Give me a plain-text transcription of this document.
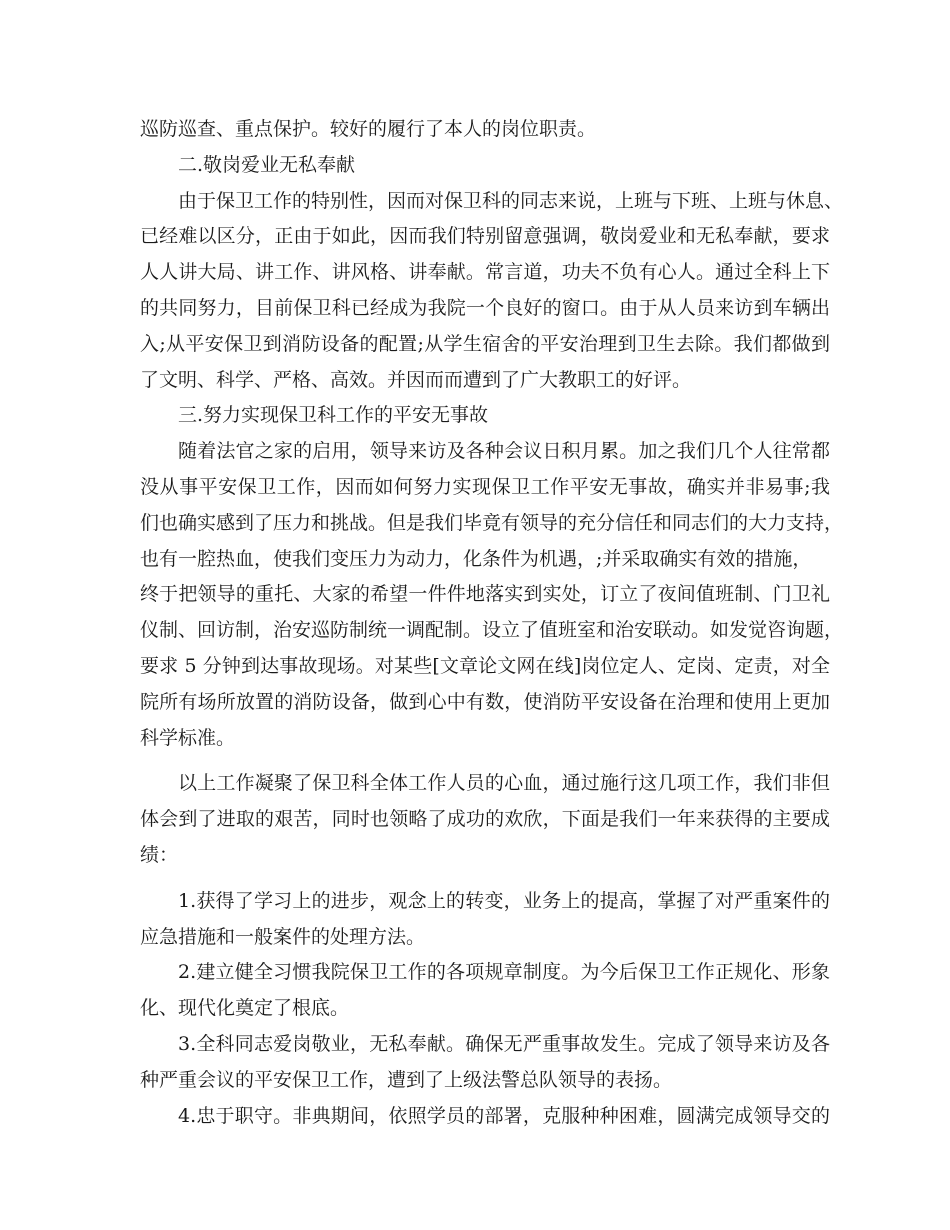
巡防巡查、重点保护。较好的履行了本人的岗位职责。
二.敬岗爱业无私奉献
由于保卫工作的特别性，因而对保卫科的同志来说，上班与下班、上班与休息、
已经难以区分，正由于如此，因而我们特别留意强调，敬岗爱业和无私奉献，要求
人人讲大局、讲工作、讲风格、讲奉献。常言道，功夫不负有心人。通过全科上下
的共同努力，目前保卫科已经成为我院一个良好的窗口。由于从人员来访到车辆出
入;从平安保卫到消防设备的配置;从学生宿舍的平安治理到卫生去除。我们都做到
了文明、科学、严格、高效。并因而而遭到了广大教职工的好评。
三.努力实现保卫科工作的平安无事故
随着法官之家的启用，领导来访及各种会议日积月累。加之我们几个人往常都
没从事平安保卫工作，因而如何努力实现保卫工作平安无事故，确实并非易事;我
们也确实感到了压力和挑战。但是我们毕竟有领导的充分信任和同志们的大力支持，
也有一腔热血，使我们变压力为动力，化条件为机遇，;并采取确实有效的措施，
终于把领导的重托、大家的希望一件件地落实到实处，订立了夜间值班制、门卫礼
仪制、回访制，治安巡防制统一调配制。设立了值班室和治安联动。如发觉咨询题，
要求 5 分钟到达事故现场。对某些[文章论文网在线]岗位定人、定岗、定责，对全
院所有场所放置的消防设备，做到心中有数，使消防平安设备在治理和使用上更加
科学标准。
以上工作凝聚了保卫科全体工作人员的心血，通过施行这几项工作，我们非但
体会到了进取的艰苦，同时也领略了成功的欢欣，下面是我们一年来获得的主要成
绩：
1.获得了学习上的进步，观念上的转变，业务上的提高，掌握了对严重案件的
应急措施和一般案件的处理方法。
2.建立健全习惯我院保卫工作的各项规章制度。为今后保卫工作正规化、形象
化、现代化奠定了根底。
3.全科同志爱岗敬业，无私奉献。确保无严重事故发生。完成了领导来访及各
种严重会议的平安保卫工作，遭到了上级法警总队领导的表扬。
4.忠于职守。非典期间，依照学员的部署，克服种种困难，圆满完成领导交的
